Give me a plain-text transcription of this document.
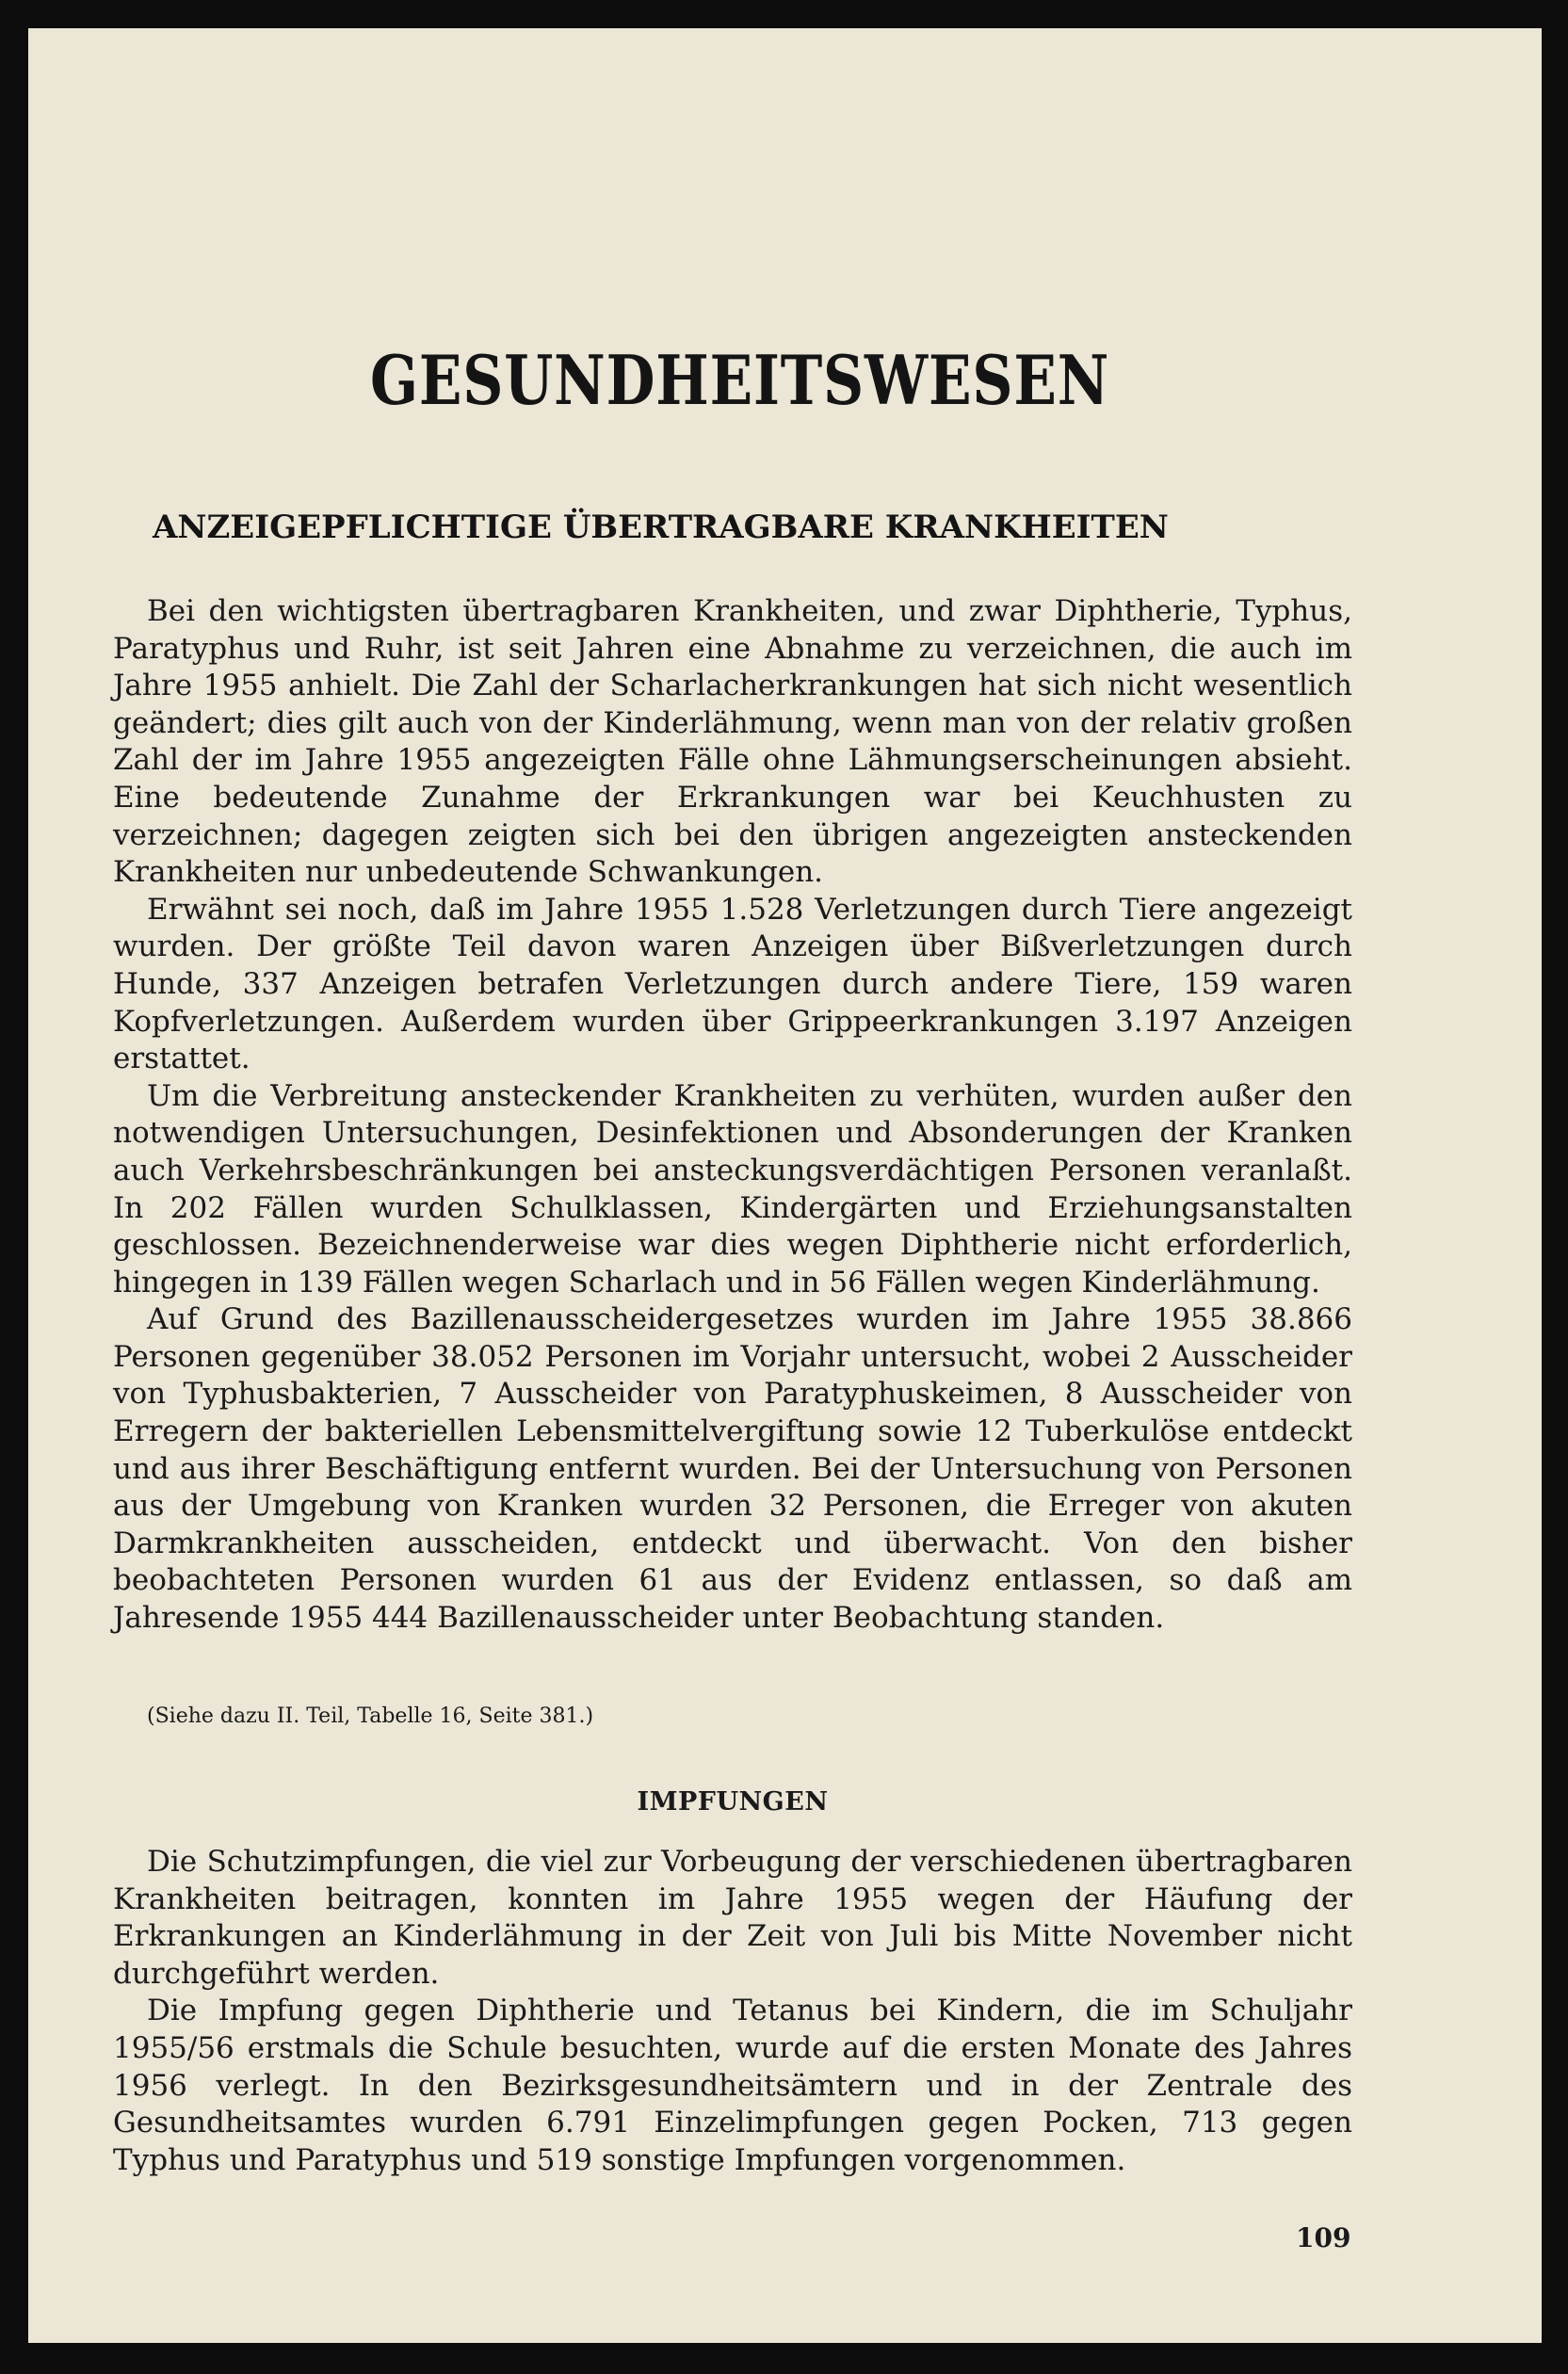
GESUNDHEITSWESEN
ANZEIGEPFLICHTIGE ÜBERTRAGBARE KRANKHEITEN

Bei den wichtigsten übertragbaren Krankheiten, und zwar Diphtherie, Typhus, Paratyphus und Ruhr, ist seit Jahren eine Abnahme zu verzeichnen, die auch im Jahre 1955 anhielt. Die Zahl der Scharlacherkrankungen hat sich nicht wesentlich geändert; dies gilt auch von der Kinderlähmung, wenn man von der relativ großen Zahl der im Jahre 1955 angezeigten Fälle ohne Lähmungserscheinungen absieht. Eine bedeutende Zunahme der Erkrankungen war bei Keuchhusten zu verzeichnen; dagegen zeigten sich bei den übrigen angezeigten ansteckenden Krankheiten nur unbedeutende Schwankungen.

Erwähnt sei noch, daß im Jahre 1955 1.528 Verletzungen durch Tiere angezeigt wurden. Der größte Teil davon waren Anzeigen über Bißverletzungen durch Hunde, 337 Anzeigen betrafen Verletzungen durch andere Tiere, 159 waren Kopfverletzungen. Außerdem wurden über Grippeerkrankungen 3.197 Anzeigen erstattet.

Um die Verbreitung ansteckender Krankheiten zu verhüten, wurden außer den notwendigen Untersuchungen, Desinfektionen und Absonderungen der Kranken auch Verkehrsbeschränkungen bei ansteckungsverdächtigen Personen veranlaßt. In 202 Fällen wurden Schulklassen, Kindergärten und Erziehungsanstalten geschlossen. Bezeichnenderweise war dies wegen Diphtherie nicht erforderlich, hingegen in 139 Fällen wegen Scharlach und in 56 Fällen wegen Kinderlähmung.

Auf Grund des Bazillenausscheidergesetzes wurden im Jahre 1955 38.866 Personen gegenüber 38.052 Personen im Vorjahr untersucht, wobei 2 Ausscheider von Typhusbakterien, 7 Ausscheider von Paratyphuskeimen, 8 Ausscheider von Erregern der bakteriellen Lebensmittelvergiftung sowie 12 Tuberkulöse entdeckt und aus ihrer Beschäftigung entfernt wurden. Bei der Untersuchung von Personen aus der Umgebung von Kranken wurden 32 Personen, die Erreger von akuten Darmkrankheiten ausscheiden, entdeckt und überwacht. Von den bisher beobachteten Personen wurden 61 aus der Evidenz entlassen, so daß am Jahresende 1955 444 Bazillenausscheider unter Beobachtung standen.

(Siehe dazu II. Teil, Tabelle 16, Seite 381.)

IMPFUNGEN

Die Schutzimpfungen, die viel zur Vorbeugung der verschiedenen übertragbaren Krankheiten beitragen, konnten im Jahre 1955 wegen der Häufung der Erkrankungen an Kinderlähmung in der Zeit von Juli bis Mitte November nicht durchgeführt werden.

Die Impfung gegen Diphtherie und Tetanus bei Kindern, die im Schuljahr 1955/56 erstmals die Schule besuchten, wurde auf die ersten Monate des Jahres 1956 verlegt. In den Bezirksgesundheitsämtern und in der Zentrale des Gesundheitsamtes wurden 6.791 Einzelimpfungen gegen Pocken, 713 gegen Typhus und Paratyphus und 519 sonstige Impfungen vorgenommen.

109
